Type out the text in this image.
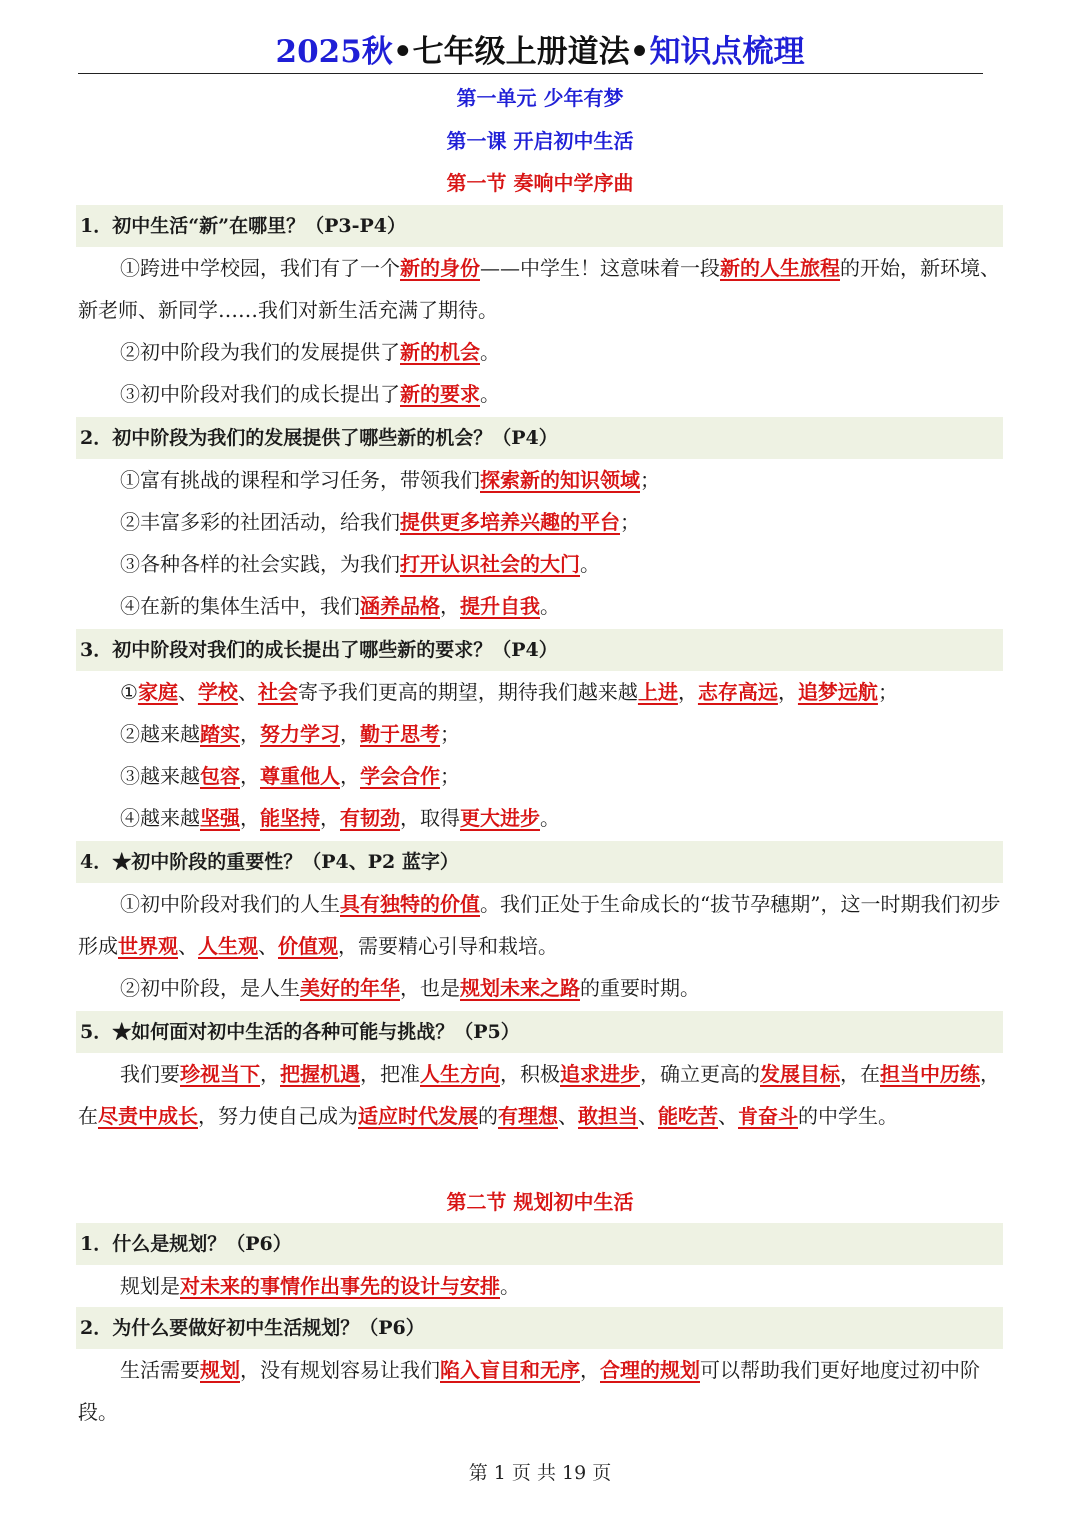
2025秋•七年级上册道法•知识点梳理
第一单元 少年有梦
第一课 开启初中生活
第一节 奏响中学序曲
1．初中生活“新”在哪里？（P3-P4）
①跨进中学校园，我们有了一个新的身份——中学生！这意味着一段新的人生旅程的开始，新环境、新老师、新同学……我们对新生活充满了期待。
②初中阶段为我们的发展提供了新的机会。
③初中阶段对我们的成长提出了新的要求。
2．初中阶段为我们的发展提供了哪些新的机会？（P4）
①富有挑战的课程和学习任务，带领我们探索新的知识领域；
②丰富多彩的社团活动，给我们提供更多培养兴趣的平台；
③各种各样的社会实践，为我们打开认识社会的大门。
④在新的集体生活中，我们涵养品格，提升自我。
3．初中阶段对我们的成长提出了哪些新的要求？（P4）
①家庭、学校、社会寄予我们更高的期望，期待我们越来越上进，志存高远，追梦远航；
②越来越踏实，努力学习，勤于思考；
③越来越包容，尊重他人，学会合作；
④越来越坚强，能坚持，有韧劲，取得更大进步。
4．★初中阶段的重要性？（P4、P2 蓝字）
①初中阶段对我们的人生具有独特的价值。我们正处于生命成长的“拔节孕穗期”，这一时期我们初步形成世界观、人生观、价值观，需要精心引导和栽培。
②初中阶段，是人生美好的年华，也是规划未来之路的重要时期。
5．★如何面对初中生活的各种可能与挑战？（P5）
我们要珍视当下，把握机遇，把准人生方向，积极追求进步，确立更高的发展目标，在担当中历练，在尽责中成长，努力使自己成为适应时代发展的有理想、敢担当、能吃苦、肯奋斗的中学生。
第二节 规划初中生活
1．什么是规划？（P6）
规划是对未来的事情作出事先的设计与安排。
2．为什么要做好初中生活规划？（P6）
生活需要规划，没有规划容易让我们陷入盲目和无序，合理的规划可以帮助我们更好地度过初中阶段。
第 1 页 共 19 页
